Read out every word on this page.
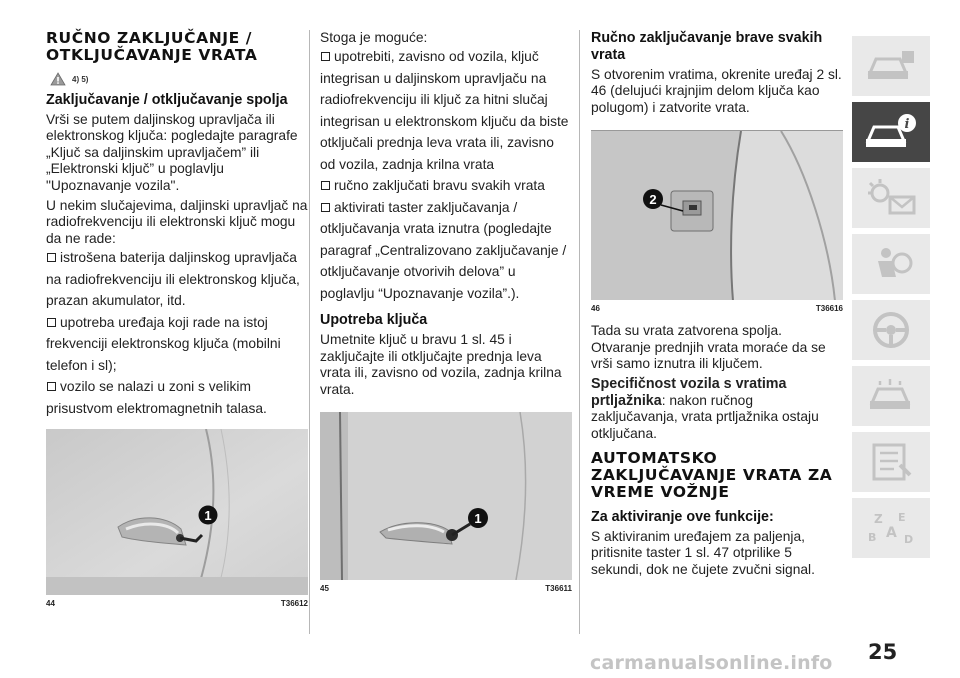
RUČNO ZAKLJUČANJE / OTKLJUČAVANJE VRATA
4) 5)
Zaključavanje / otključavanje spolja

Vrši se putem daljinskog upravljača ili elektronskog ključa: pogledajte paragrafe „Ključ sa daljinskim upravljačem” ili „Elektronski ključ” u poglavlju "Upoznavanje vozila".

U nekim slučajevima, daljinski upravljač na radiofrekvenciju ili elektronski ključ mogu da ne rade:

istrošena baterija daljinskog upravljača na radiofrekvenciju ili elektronskog ključa, prazan akumulator, itd.
upotreba uređaja koji rade na istoj frekvenciji elektronskog ključa (mobilni telefon i sl);
vozilo se nalazi u zoni s velikim prisustvom elektromagnetnih talasa.
1
44	T36612

Stoga je moguće:

upotrebiti, zavisno od vozila, ključ integrisan u daljinskom upravljaču na radiofrekvenciju ili ključ za hitni slučaj integrisan u elektronskom ključu da biste otključali prednja leva vrata ili, zavisno od vozila, zadnja krilna vrata
ručno zaključati bravu svakih vrata
aktivirati taster zaključavanja / otključavanja vrata iznutra (pogledajte paragraf „Centralizovano zaključavanje / otključavanje otvorivih delova” u poglavlju “Upoznavanje vozila”.).
Upotreba ključa

Umetnite ključ u bravu 1 sl. 45 i zaključajte ili otključajte prednja leva vrata ili, zavisno od vozila, zadnja krilna vrata.

1
45	T36611
Ručno zaključavanje brave svakih vrata

S otvorenim vratima, okrenite uređaj 2 sl. 46 (delujući krajnjim delom ključa kao polugom) i zatvorite vrata.

2
46	T36616

Tada su vrata zatvorena spolja. Otvaranje prednjih vrata moraće da se vrši samo iznutra ili ključem.

Specifičnost vozila s vratima prtljažnika: nakon ručnog zaključavanja, vrata prtljažnika ostaju otključana.

AUTOMATSKO ZAKLJUČAVANJE VRATA ZA VREME VOŽNJE
Za aktiviranje ove funkcije:

S aktiviranim uređajem za paljenja, pritisnite taster 1 sl. 47 otprilike 5 sekundi, dok ne čujete zvučni signal.

i
Z E
B A D
25
carmanualsonline.info
